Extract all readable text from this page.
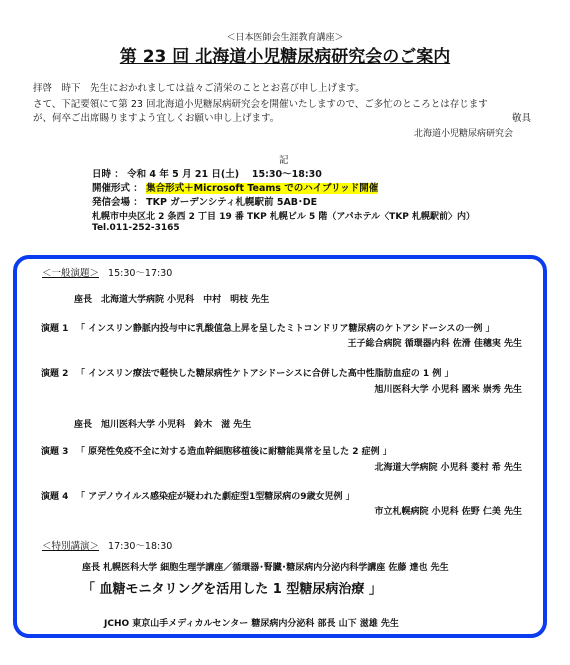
＜日本医師会生涯教育講座＞
第 23 回 北海道小児糖尿病研究会のご案内
拝啓　時下　先生におかれましては益々ご清栄のこととお喜び申し上げます。
さて、下記要領にて第 23 回北海道小児糖尿病研究会を開催いたしますので、ご多忙のところとは存じます
が、何卒ご出席賜りますよう宜しくお願い申し上げます。	敬具
北海道小児糖尿病研究会
記
日時 ： 令和 4 年 5 月 21 日(土)　 15:30～18:30
開催形式 ： 集合形式＋Microsoft Teams でのハイブリッド開催
発信会場 ： TKP ガーデンシティ札幌駅前 5AB･DE
札幌市中央区北 2 条西 2 丁目 19 番 TKP 札幌ビル 5 階（アパホテル〈TKP 札幌駅前〉内）
Tel.011-252-3165
＜一般演題＞ 15:30～17:30
座長　北海道大学病院 小児科　中村　明枝 先生
演題 1 「 インスリン静脈内投与中に乳酸值急上昇を呈したミトコンドリア糖尿病のケトアシドーシスの一例 」
王子総合病院 循環器内科 佐滑 佳穗実 先生
演題 2 「 インスリン療法で軽快した糖尿病性ケトアシドーシスに合併した高中性脂肪血症の 1 例 」
旭川医科大学 小児科 國米 崇秀 先生
座長　旭川医科大学 小児科　鈴木　滋 先生
演題 3 「 原発性免疫不全に対する造血幹細胞移植後に耐糖能異常を呈した 2 症例 」
北海道大学病院 小児科 菱村 希 先生
演題 4 「 アデノウイルス感染症が疑われた劇症型1型糖尿病の9歳女児例 」
市立札幌病院 小児科 佐野 仁美 先生
＜特別講演＞ 17:30～18:30
座長 札幌医科大学 細胞生理学講座／循環器･腎臓･糖尿病内分泌内科学講座 佐藤 達也 先生
「 血糖モニタリングを活用した 1 型糖尿病治療 」
JCHO 東京山手メディカルセンター 糖尿病内分泌科 部長 山下 滋雄 先生
